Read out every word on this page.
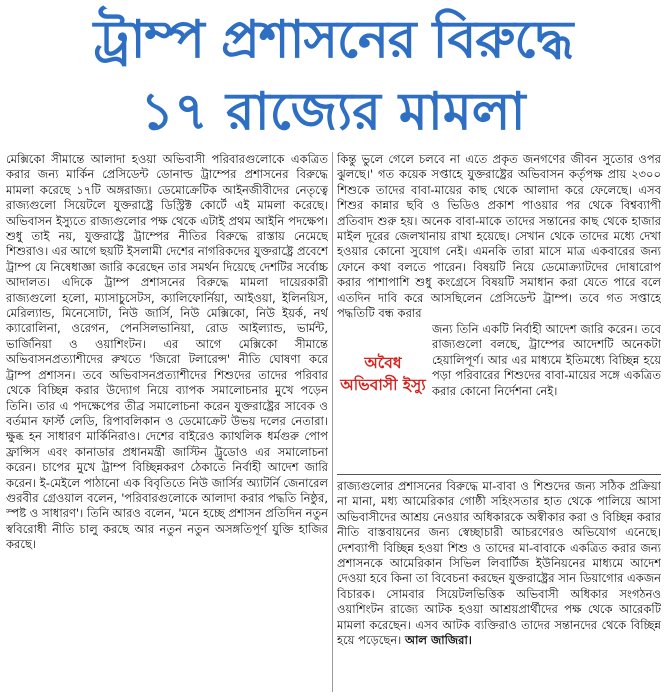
ট্রাম্প প্রশাসনের বিরুদ্ধে
১৭ রাজ্যের মামলা

মেক্সিকো সীমান্তে আলাদা হওয়া অভিবাসী পরিবারগুলোকে একত্রিত করার জন্য মার্কিন প্রেসিডেন্ট ডোনাল্ড ট্রাম্পের প্রশাসনের বিরুদ্ধে মামলা করেছে ১৭টি অঙ্গরাজ্য। ডেমোক্রেটিক আইনজীবীদের নেতৃত্বে রাজ্যগুলো সিয়েটলে যুক্তরাষ্ট্রে ডিস্ট্রিক্ট কোর্টে এই মামলা করেছে। অভিবাসন ইস্যুতে রাজ্যগুলোর পক্ষ থেকে এটাই প্রথম আইনি পদক্ষেপ। শুধু তাই নয়, যুক্তরাষ্ট্রে ট্রাম্পের নীতির বিরুদ্ধে রাস্তায় নেমেছে শিশুরাও। এর আগে ছয়টি ইসলামী দেশের নাগরিকদের যুক্তরাষ্ট্রে প্রবেশে ট্রাম্প যে নিষেধাজ্ঞা জারি করেছেন তার সমর্থন দিয়েছে দেশটির সর্বোচ্চ আদালত। এদিকে ট্রাম্প প্রশাসনের বিরুদ্ধে মামলা দায়েরকারী রাজ্যগুলো হলো, ম্যাসাচুসেটস, ক্যালিফোর্নিয়া, আইওয়া, ইলিনয়িস, মেরিল্যান্ড, মিনেসোটা, নিউ জার্সি, নিউ মেক্সিকো, নিউ ইয়র্ক, নর্থ ক্যারোলিনা, ওরেগন, পেনসিলভানিয়া, রোড আইল্যান্ড, ভার্মন্ট, ভার্জিনিয়া ও ওয়াশিংটন। এর আগে মেক্সিকো সীমান্তে অভিবাসনপ্রত্যাশীদের রুখতে 'জিরো টলারেন্স' নীতি ঘোষণা করে ট্রাম্প প্রশাসন। তবে অভিবাসনপ্রত্যাশীদের শিশুদের তাদের পরিবার থেকে বিচ্ছিন্ন করার উদ্যোগ নিয়ে ব্যাপক সমালোচনার মুখে পড়েন তিনি। তার এ পদক্ষেপের তীব্র সমালোচনা করেন যুক্তরাষ্ট্রের সাবেক ও বর্তমান ফার্স্ট লেডি, রিপাবলিকান ও ডেমোক্রেট উভয় দলের নেতারা। ক্ষুব্ধ হন সাধারণ মার্কিনিরাও। দেশের বাইরেও ক্যাথলিক ধর্মগুরু পোপ ফ্রান্সিস এবং কানাডার প্রধানমন্ত্রী জাস্টিন ট্রুডোও এর সমালোচনা করেন। চাপের মুখে ট্রাম্প বিচ্ছিন্নকরণ ঠেকাতে নির্বাহী আদেশ জারি করেন। ই-মেইলে পাঠানো এক বিবৃতিতে নিউ জার্সির অ্যাটর্নি জেনারেল গুরবীর গ্রেওয়াল বলেন, 'পরিবারগুলোকে আলাদা করার পদ্ধতি নিষ্ঠুর, স্পষ্ট ও সাধারণ'। তিনি আরও বলেন, 'মনে হচ্ছে প্রশাসন প্রতিদিন নতুন স্ববিরোধী নীতি চালু করছে আর নতুন নতুন অসঙ্গতিপূর্ণ যুক্তি হাজির করছে।

কিন্তু ভুলে গেলে চলবে না এতে প্রকৃত জনগণের জীবন সুতোর ওপর ঝুলছে।' গত কয়েক সপ্তাহে যুক্তরাষ্ট্রের অভিবাসন কর্তৃপক্ষ প্রায় ২৩০০ শিশুকে তাদের বাবা-মায়ের কাছ থেকে আলাদা করে ফেলেছে। এসব শিশুর কান্নার ছবি ও ভিডিও প্রকাশ পাওয়ার পর থেকে বিশ্বব্যাপী প্রতিবাদ শুরু হয়। অনেক বাবা-মাকে তাদের সন্তানের কাছ থেকে হাজার মাইল দূরের জেলখানায় রাখা হয়েছে। সেখান থেকে তাদের মধ্যে দেখা হওয়ার কোনো সুযোগ নেই। এমনকি তারা মাসে মাত্র একবারের জন্য ফোনে কথা বলতে পারেন। বিষয়টি নিয়ে ডেমোক্র্যাটদের দোষারোপ করার পাশাপাশি শুধু কংগ্রেসে বিষয়টি সমাধান করা যেতে পারে বলে এতদিন দাবি করে আসছিলেন প্রেসিডেন্ট ট্রাম্প। তবে গত সপ্তাহে পদ্ধতিটি বন্ধ করার

অবৈধ অভিবাসী ইস্যু

জন্য তিনি একটি নির্বাহী আদেশ জারি করেন। তবে রাজ্যগুলো বলছে, ট্রাম্পের আদেশটি অনেকটা হেয়ালিপূর্ণ। আর এর মাধ্যমে ইতিমধ্যে বিচ্ছিন্ন হয়ে পড়া পরিবারের শিশুদের বাবা-মায়ের সঙ্গে একত্রিত করার কোনো নির্দেশনা নেই।

রাজ্যগুলোর প্রশাসনের বিরুদ্ধে মা-বাবা ও শিশুদের জন্য সঠিক প্রক্রিয়া না মানা, মধ্য আমেরিকার গোষ্ঠী সহিংসতার হাত থেকে পালিয়ে আসা অভিবাসীদের আশ্রয় নেওয়ার অধিকারকে অস্বীকার করা ও বিচ্ছিন্ন করার নীতি বাস্তবায়নের জন্য স্বেচ্ছাচারী আচরণেরও অভিযোগ এনেছে। দেশব্যাপী বিচ্ছিন্ন হওয়া শিশু ও তাদের মা-বাবাকে একত্রিত করার জন্য প্রশাসনকে আমেরিকান সিভিল লিবার্টিজ ইউনিয়নের মাধ্যমে আদেশ দেওয়া হবে কিনা তা বিবেচনা করছেন যুক্তরাষ্ট্রের সান ডিয়াগোর একজন বিচারক। সোমবার সিয়েটলভিত্তিক অভিবাসী অধিকার সংগঠনও ওয়াশিংটন রাজ্যে আটক হওয়া আশ্রয়প্রার্থীদের পক্ষ থেকে আরেকটি মামলা করেছেন। এসব আটক ব্যক্তিরাও তাদের সন্তানদের থেকে বিচ্ছিন্ন হয়ে পড়েছেন। আল জাজিরা।
